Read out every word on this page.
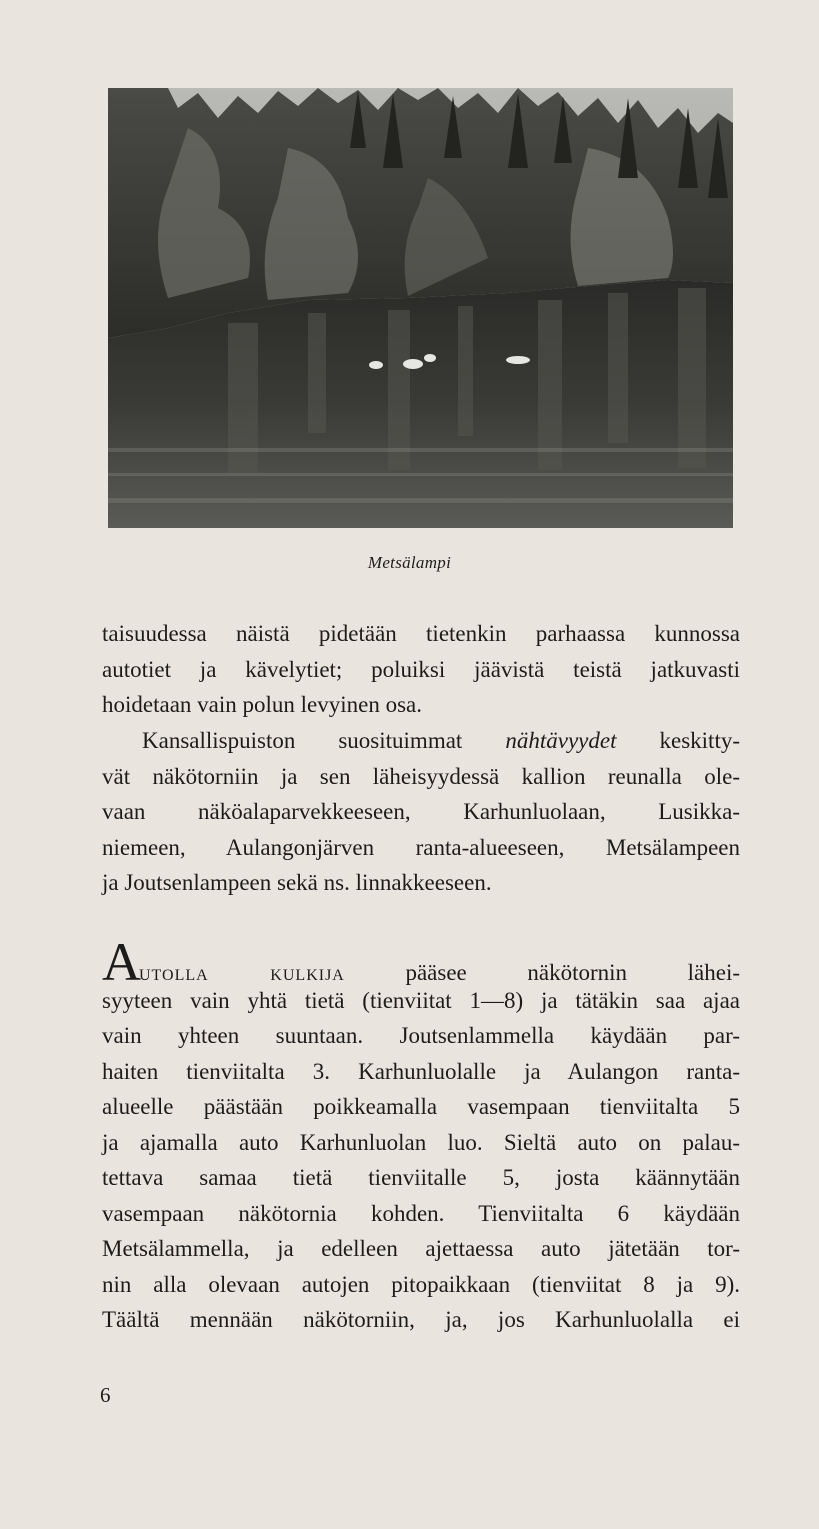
Metsälampi
taisuudessa näistä pidetään tietenkin parhaassa kunnossa
autotiet ja kävelytiet; poluiksi jäävistä teistä jatkuvasti
hoidetaan vain polun levyinen osa.
Kansallispuiston suosituimmat nähtävyydet keskitty-
vät näkötorniin ja sen läheisyydessä kallion reunalla ole-
vaan näköalaparvekkeeseen, Karhunluolaan, Lusikka-
niemeen, Aulangonjärven ranta-alueeseen, Metsälampeen
ja Joutsenlampeen sekä ns. linnakkeeseen.
Autolla kulkija pääsee näkötornin lähei-
syyteen vain yhtä tietä (tienviitat 1—8) ja tätäkin saa ajaa
vain yhteen suuntaan. Joutsenlammella käydään par-
haiten tienviitalta 3. Karhunluolalle ja Aulangon ranta-
alueelle päästään poikkeamalla vasempaan tienviitalta 5
ja ajamalla auto Karhunluolan luo. Sieltä auto on palau-
tettava samaa tietä tienviitalle 5, josta käännytään
vasempaan näkötornia kohden. Tienviitalta 6 käydään
Metsälammella, ja edelleen ajettaessa auto jätetään tor-
nin alla olevaan autojen pitopaikkaan (tienviitat 8 ja 9).
Täältä mennään näkötorniin, ja, jos Karhunluolalla ei
6
